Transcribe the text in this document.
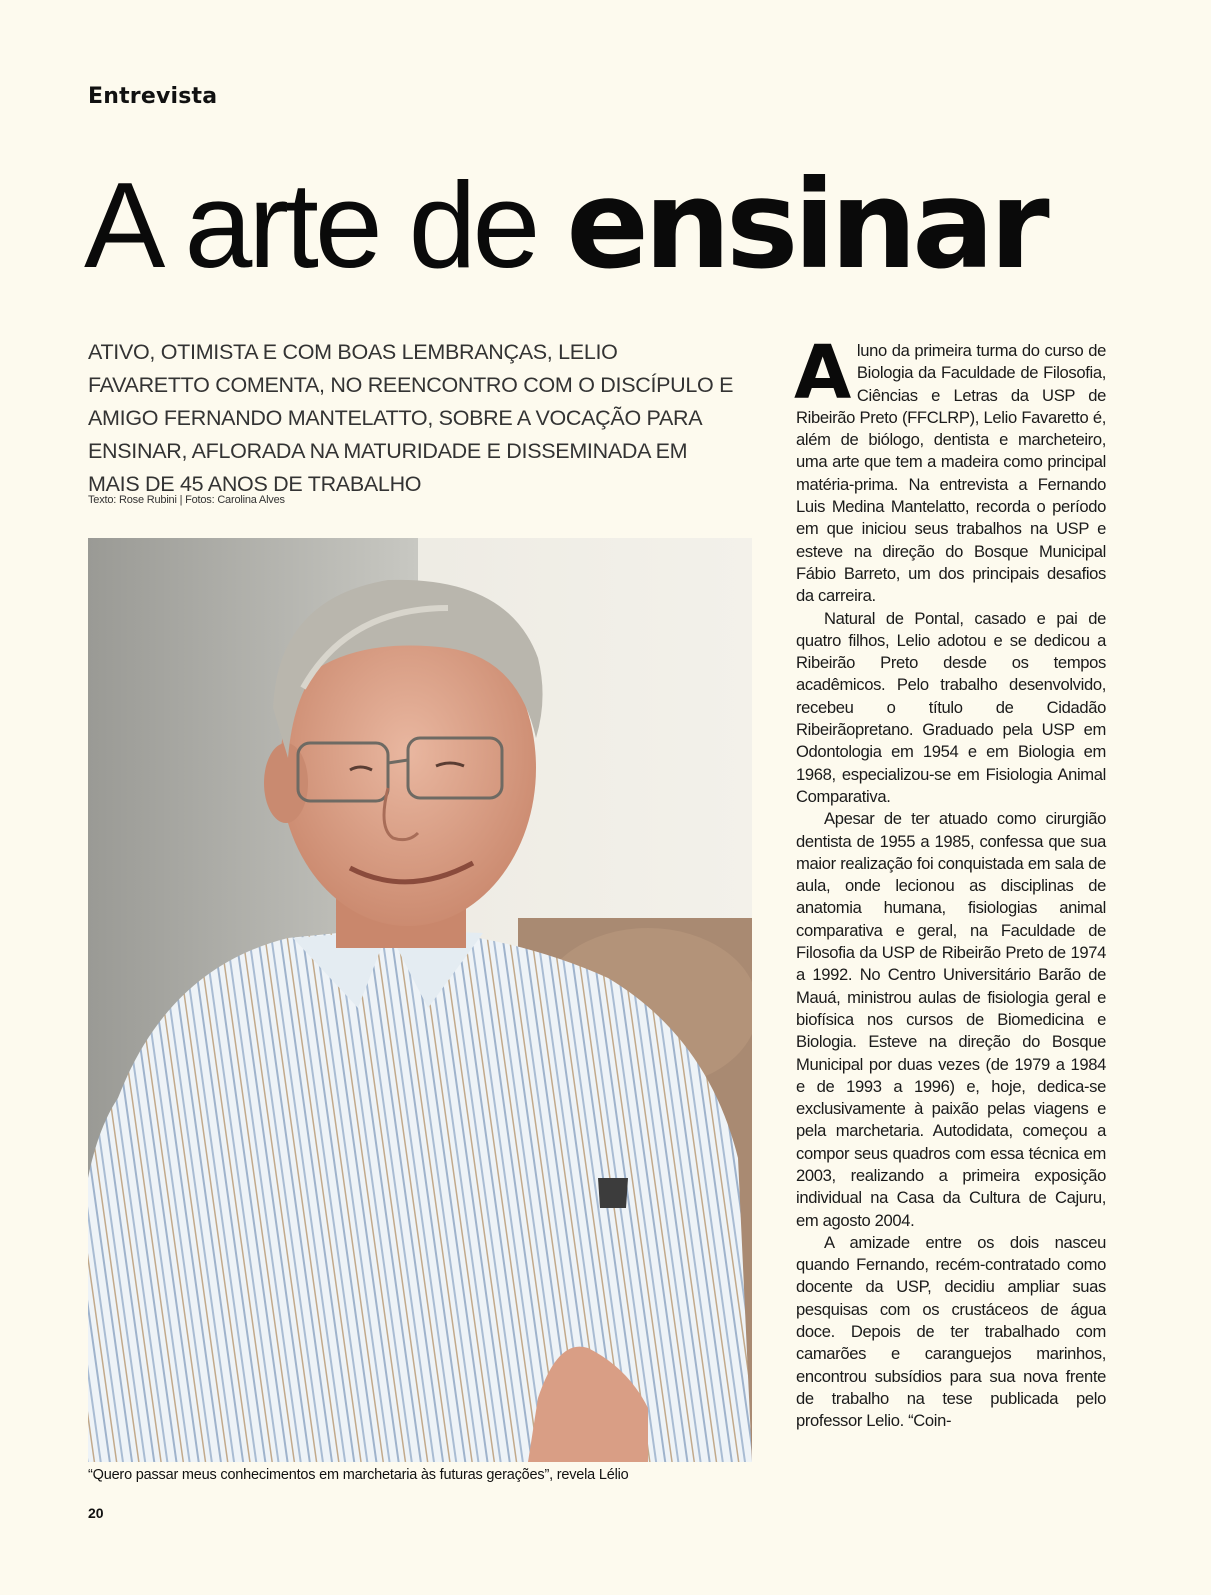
Entrevista
A arte de ensinar

ATIVO, OTIMISTA E COM BOAS LEMBRANÇAS, LELIO FAVARETTO COMENTA, NO REENCONTRO COM O DISCÍPULO E AMIGO FERNANDO MANTELATTO, SOBRE A VOCAÇÃO PARA ENSINAR, AFLORADA NA MATURIDADE E DISSEMINADA EM MAIS DE 45 ANOS DE TRABALHO

Texto: Rose Rubini | Fotos: Carolina Alves
“Quero passar meus conhecimentos em marchetaria às futuras gerações”, revela Lélio
20

Aluno da primeira turma do curso de Biologia da Faculdade de Filosofia, Ciências e Letras da USP de Ribeirão Preto (FFCLRP), Lelio Favaretto é, além de biólogo, dentista e marcheteiro, uma arte que tem a madeira como principal matéria-prima. Na entrevista a Fernando Luis Medina Mantelatto, recorda o período em que iniciou seus trabalhos na USP e esteve na direção do Bosque Municipal Fábio Barreto, um dos principais desafios da carreira.

Natural de Pontal, casado e pai de quatro filhos, Lelio adotou e se dedicou a Ribeirão Preto desde os tempos acadêmicos. Pelo trabalho desenvolvido, recebeu o título de Cidadão Ribeirãopretano. Graduado pela USP em Odontologia em 1954 e em Biologia em 1968, especializou-se em Fisiologia Animal Comparativa.

Apesar de ter atuado como cirurgião dentista de 1955 a 1985, confessa que sua maior realização foi conquistada em sala de aula, onde lecionou as disciplinas de anatomia humana, fisiologias animal comparativa e geral, na Faculdade de Filosofia da USP de Ribeirão Preto de 1974 a 1992. No Centro Universitário Barão de Mauá, ministrou aulas de fisiologia geral e biofísica nos cursos de Biomedicina e Biologia. Esteve na direção do Bosque Municipal por duas vezes (de 1979 a 1984 e de 1993 a 1996) e, hoje, dedica-se exclusivamente à paixão pelas viagens e pela marchetaria. Autodidata, começou a compor seus quadros com essa técnica em 2003, realizando a primeira exposição individual na Casa da Cultura de Cajuru, em agosto 2004.

A amizade entre os dois nasceu quando Fernando, recém-contratado como docente da USP, decidiu ampliar suas pesquisas com os crustáceos de água doce. Depois de ter trabalhado com camarões e caranguejos marinhos, encontrou subsídios para sua nova frente de trabalho na tese publicada pelo professor Lelio. “Coin-
